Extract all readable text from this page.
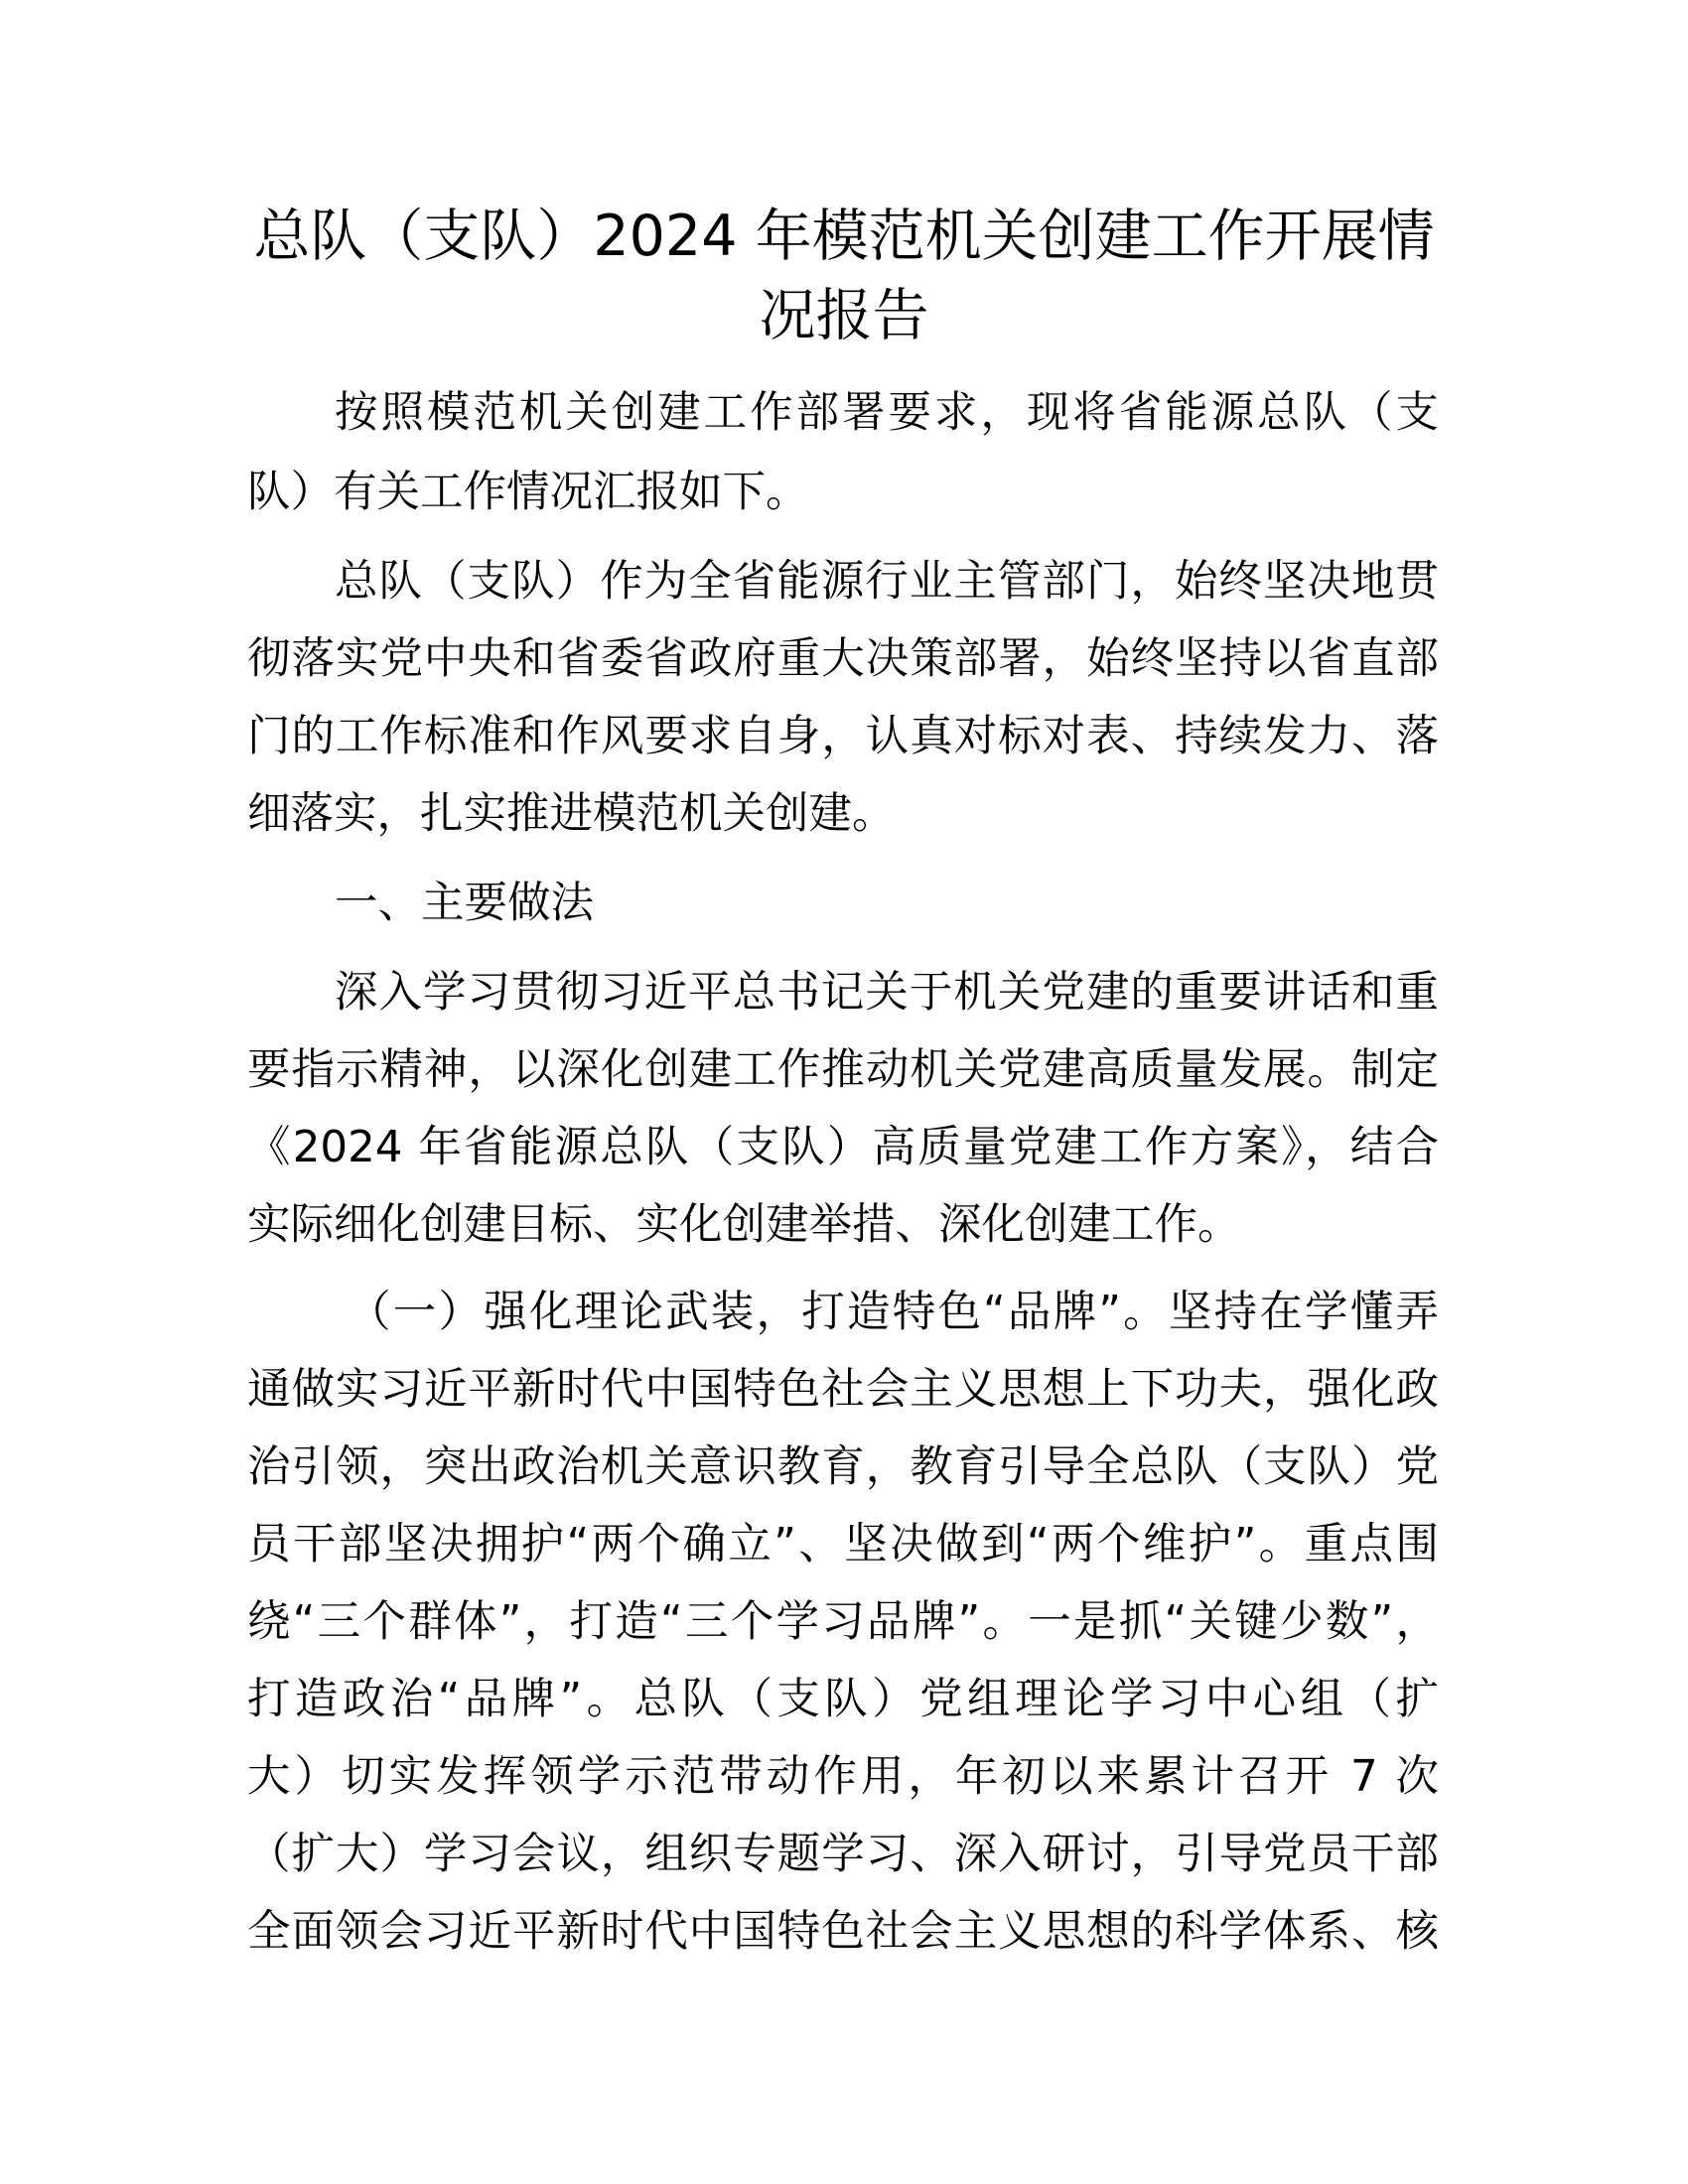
总队（支队）2024 年模范机关创建工作开展情
况报告
按照模范机关创建工作部署要求，现将省能源总队（支
队）有关工作情况汇报如下。
总队（支队）作为全省能源行业主管部门，始终坚决地贯
彻落实党中央和省委省政府重大决策部署，始终坚持以省直部
门的工作标准和作风要求自身，认真对标对表、持续发力、落
细落实，扎实推进模范机关创建。
一、主要做法
深入学习贯彻习近平总书记关于机关党建的重要讲话和重
要指示精神，以深化创建工作推动机关党建高质量发展。制定
《2024 年省能源总队（支队）高质量党建工作方案》，结合
实际细化创建目标、实化创建举措、深化创建工作。
（一）强化理论武装，打造特色“品牌”。坚持在学懂弄
通做实习近平新时代中国特色社会主义思想上下功夫，强化政
治引领，突出政治机关意识教育，教育引导全总队（支队）党
员干部坚决拥护“两个确立”、坚决做到“两个维护”。重点围
绕“三个群体”，打造“三个学习品牌”。一是抓“关键少数”，
打造政治“品牌”。总队（支队）党组理论学习中心组（扩
大）切实发挥领学示范带动作用，年初以来累计召开 7 次
（扩大）学习会议，组织专题学习、深入研讨，引导党员干部
全面领会习近平新时代中国特色社会主义思想的科学体系、核
